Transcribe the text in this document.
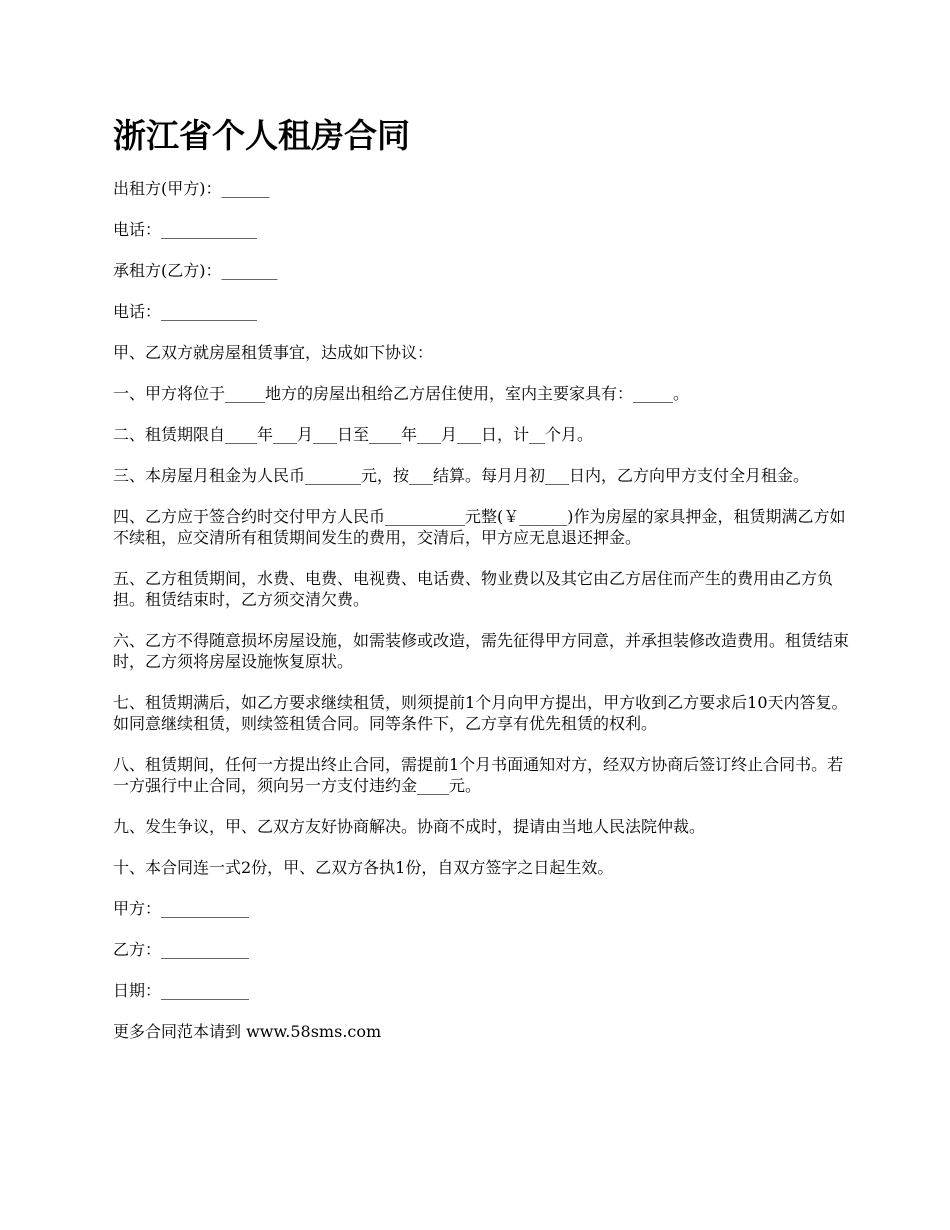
浙江省个人租房合同

出租方(甲方)：______

电话：____________

承租方(乙方)：_______

电话：____________

甲、乙双方就房屋租赁事宜，达成如下协议：

一、甲方将位于_____地方的房屋出租给乙方居住使用，室内主要家具有：_____。

二、租赁期限自____年___月___日至____年___月___日，计__个月。

三、本房屋月租金为人民币_______元，按___结算。每月月初___日内，乙方向甲方支付全月租金。

四、乙方应于签合约时交付甲方人民币__________元整(￥______)作为房屋的家具押金，租赁期满乙方如不续租，应交清所有租赁期间发生的费用，交清后，甲方应无息退还押金。

五、乙方租赁期间，水费、电费、电视费、电话费、物业费以及其它由乙方居住而产生的费用由乙方负担。租赁结束时，乙方须交清欠费。

六、乙方不得随意损坏房屋设施，如需装修或改造，需先征得甲方同意，并承担装修改造费用。租赁结束时，乙方须将房屋设施恢复原状。

七、租赁期满后，如乙方要求继续租赁，则须提前1个月向甲方提出，甲方收到乙方要求后10天内答复。如同意继续租赁，则续签租赁合同。同等条件下，乙方享有优先租赁的权利。

八、租赁期间，任何一方提出终止合同，需提前1个月书面通知对方，经双方协商后签订终止合同书。若一方强行中止合同，须向另一方支付违约金____元。

九、发生争议，甲、乙双方友好协商解决。协商不成时，提请由当地人民法院仲裁。

十、本合同连一式2份，甲、乙双方各执1份，自双方签字之日起生效。

甲方：___________

乙方：___________

日期：___________

更多合同范本请到 www.58sms.com
